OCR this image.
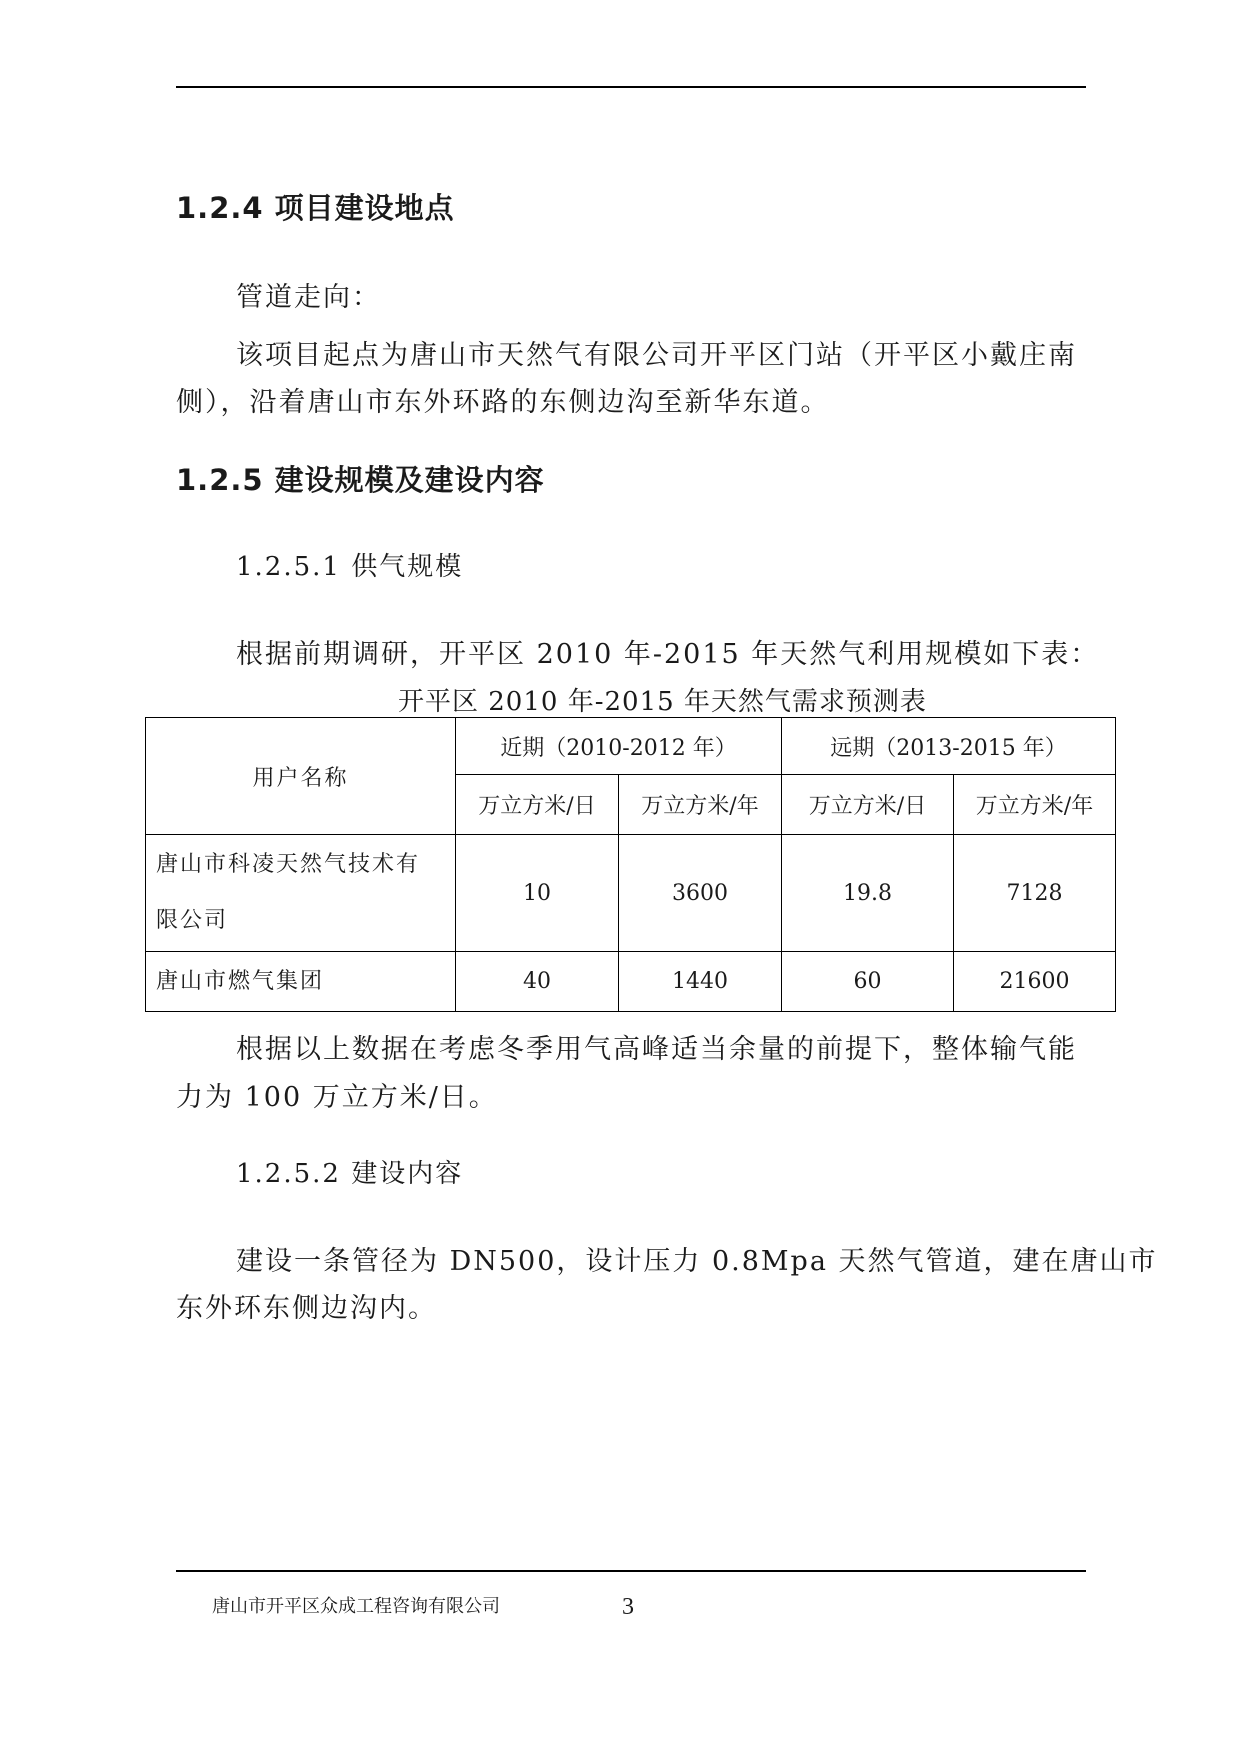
1.2.4 项目建设地点
管道走向：
该项目起点为唐山市天然气有限公司开平区门站（开平区小戴庄南
侧），沿着唐山市东外环路的东侧边沟至新华东道。
1.2.5 建设规模及建设内容
1.2.5.1 供气规模
根据前期调研，开平区 2010 年-2015 年天然气利用规模如下表：
开平区 2010 年-2015 年天然气需求预测表
用户名称	近期（2010-2012 年）		远期（2013-2015 年）	
	万立方米/日	万立方米/年	万立方米/日	万立方米/年
唐山市科凌天然气技术有
限公司	10	3600	19.8	7128
唐山市燃气集团	40	1440	60	21600
根据以上数据在考虑冬季用气高峰适当余量的前提下，整体输气能
力为 100 万立方米/日。
1.2.5.2 建设内容
建设一条管径为 DN500，设计压力 0.8Mpa 天然气管道，建在唐山市
东外环东侧边沟内。
唐山市开平区众成工程咨询有限公司	3
